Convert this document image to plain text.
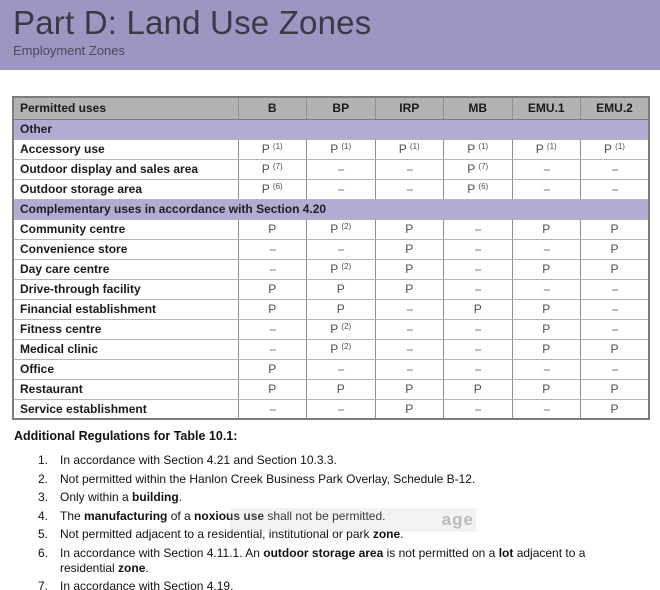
Part D: Land Use Zones
Employment Zones
Permitted uses	B	BP	IRP	MB	EMU.1	EMU.2
Other						
Accessory use	P $^{(1)}$	P $^{(1)}$	P $^{(1)}$	P $^{(1)}$	P $^{(1)}$	P $^{(1)}$
Outdoor display and sales area	P $^{(7)}$	--	--	P $^{(7)}$	--	--
Outdoor storage area	P $^{(6)}$	--	--	P $^{(6)}$	--	--
Complementary uses in accordance with Section 4.20						
Community centre	P	P $^{(2)}$	P	--	P	P
Convenience store	--	--	P	--	--	P
Day care centre	--	P $^{(2)}$	P	--	P	P
Drive-through facility	P	P	P	--	--	--
Financial establishment	P	P	--	P	P	--
Fitness centre	--	P $^{(2)}$	--	--	P	--
Medical clinic	--	P $^{(2)}$	--	--	P	P
Office	P	--	--	--	--	--
Restaurant	P	P	P	P	P	P
Service establishment	--	--	P	--	--	P
Additional Regulations for Table 10.1:
1. In accordance with Section 4.21 and Section 10.3.3.
2. Not permitted within the Hanlon Creek Business Park Overlay, Schedule B-12.
3. Only within a building.
4. The manufacturing of a noxious use shall not be permitted.
5. Not permitted adjacent to a residential, institutional or park zone.
6. In accordance with Section 4.11.1. An outdoor storage area is not permitted on a lot adjacent to a residential zone.
7. In accordance with Section 4.19.
age
